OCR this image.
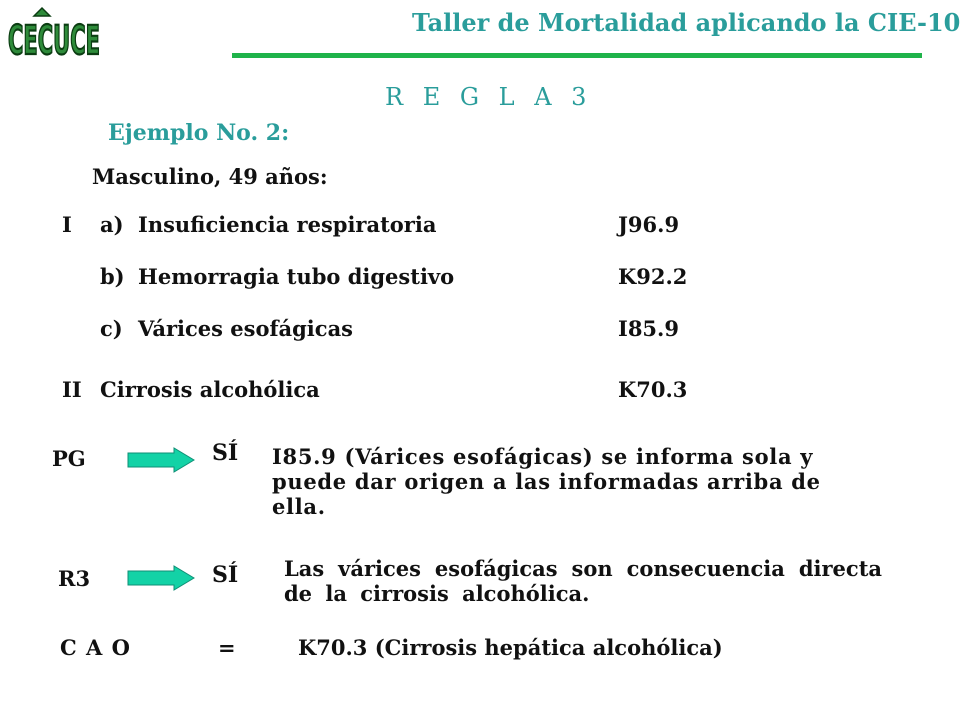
CECUCE	Taller de Mortalidad aplicando la CIE-10
R E G L A 3
Ejemplo No. 2:
Masculino, 49 años:
I a) Insuficiencia respiratoria	J96.9
b) Hemorragia tubo digestivo	K92.2
c) Várices esofágicas	I85.9
II Cirrosis alcohólica	K70.3
PG	SÍ I85.9 (Várices esofágicas) se informa sola y puede dar origen a las informadas arriba de ella.
R3	SÍ Las várices esofágicas son consecuencia directa de la cirrosis alcohólica.
C A O	=	K70.3 (Cirrosis hepática alcohólica)
